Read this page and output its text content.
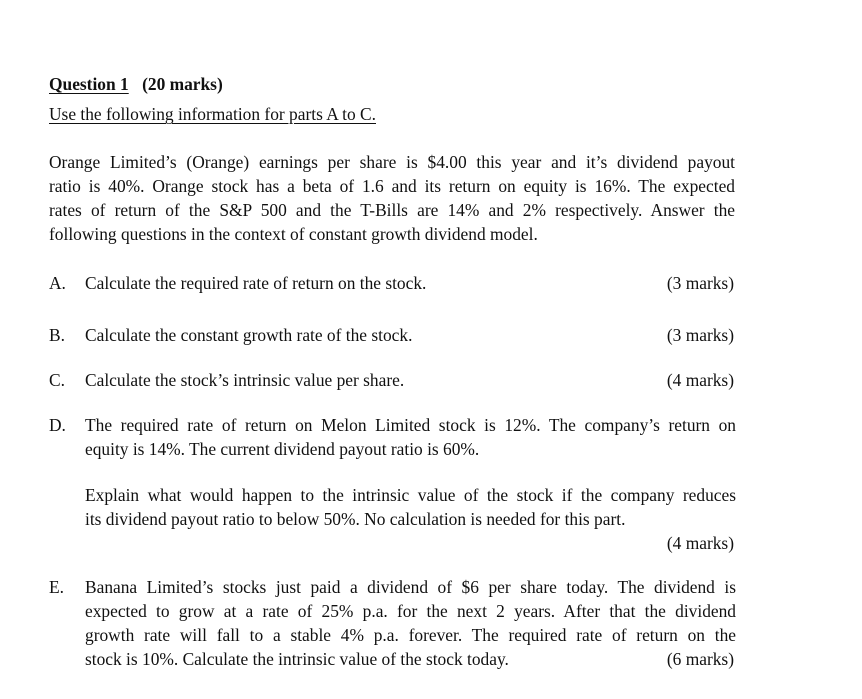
Question 1 (20 marks)
Use the following information for parts A to C.
Orange Limited’s (Orange) earnings per share is $4.00 this year and it’s dividend payout
ratio is 40%. Orange stock has a beta of 1.6 and its return on equity is 16%. The expected
rates of return of the S&P 500 and the T-Bills are 14% and 2% respectively. Answer the
following questions in the context of constant growth dividend model.
A. Calculate the required rate of return on the stock.	(3 marks)
B. Calculate the constant growth rate of the stock.	(3 marks)
C. Calculate the stock’s intrinsic value per share.	(4 marks)
D. The required rate of return on Melon Limited stock is 12%. The company’s return on
equity is 14%. The current dividend payout ratio is 60%.
Explain what would happen to the intrinsic value of the stock if the company reduces
its dividend payout ratio to below 50%. No calculation is needed for this part.
(4 marks)
E. Banana Limited’s stocks just paid a dividend of $6 per share today. The dividend is
expected to grow at a rate of 25% p.a. for the next 2 years. After that the dividend
growth rate will fall to a stable 4% p.a. forever. The required rate of return on the
stock is 10%. Calculate the intrinsic value of the stock today.	(6 marks)
